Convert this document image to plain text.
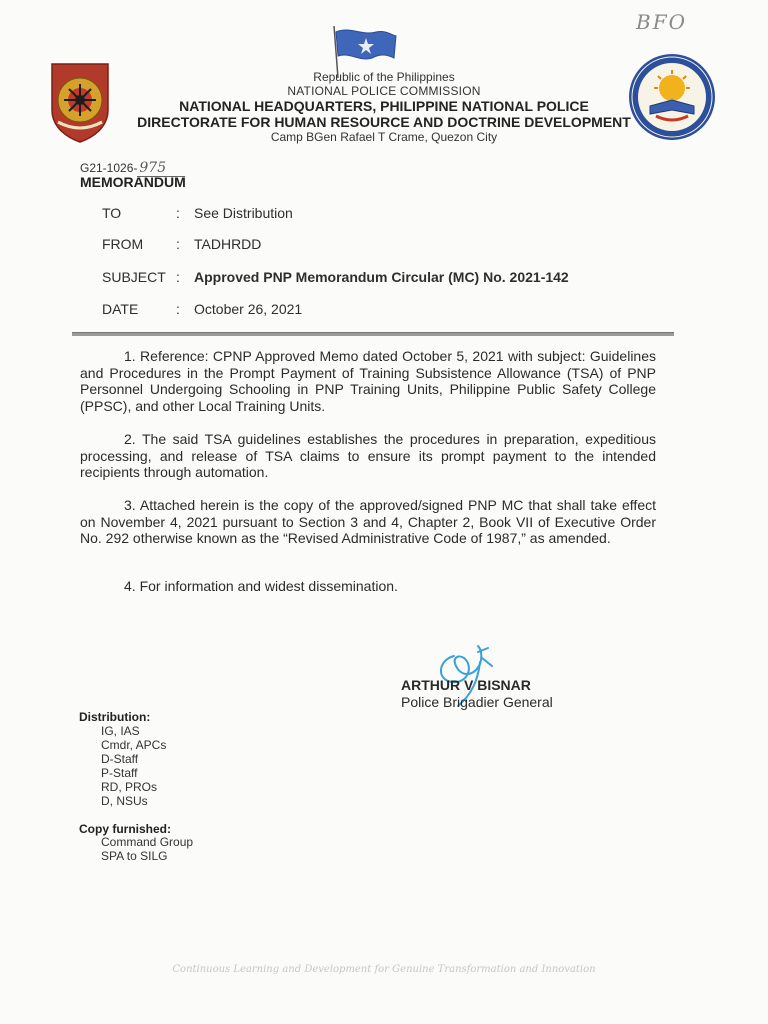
BFO
Republic of the Philippines
NATIONAL POLICE COMMISSION
NATIONAL HEADQUARTERS, PHILIPPINE NATIONAL POLICE
DIRECTORATE FOR HUMAN RESOURCE AND DOCTRINE DEVELOPMENT
Camp BGen Rafael T Crame, Quezon City
G21-1026- 975
MEMORANDUM
TO	: See Distribution
FROM : TADHRDD
SUBJECT : Approved PNP Memorandum Circular (MC) No. 2021-142
DATE	: October 26, 2021
1. Reference: CPNP Approved Memo dated October 5, 2021 with subject: Guidelines and Procedures in the Prompt Payment of Training Subsistence Allowance (TSA) of PNP Personnel Undergoing Schooling in PNP Training Units, Philippine Public Safety College (PPSC), and other Local Training Units.
2. The said TSA guidelines establishes the procedures in preparation, expeditious processing, and release of TSA claims to ensure its prompt payment to the intended recipients through automation.
3. Attached herein is the copy of the approved/signed PNP MC that shall take effect on November 4, 2021 pursuant to Section 3 and 4, Chapter 2, Book VII of Executive Order No. 292 otherwise known as the “Revised Administrative Code of 1987,” as amended.
4. For information and widest dissemination.
ARTHUR V BISNAR
Police Brigadier General
Distribution:
IG, IAS
Cmdr, APCs
D-Staff
P-Staff
RD, PROs
D, NSUs
Copy furnished:
Command Group
SPA to SILG
Continuous Learning and Development for Genuine Transformation and Innovation
